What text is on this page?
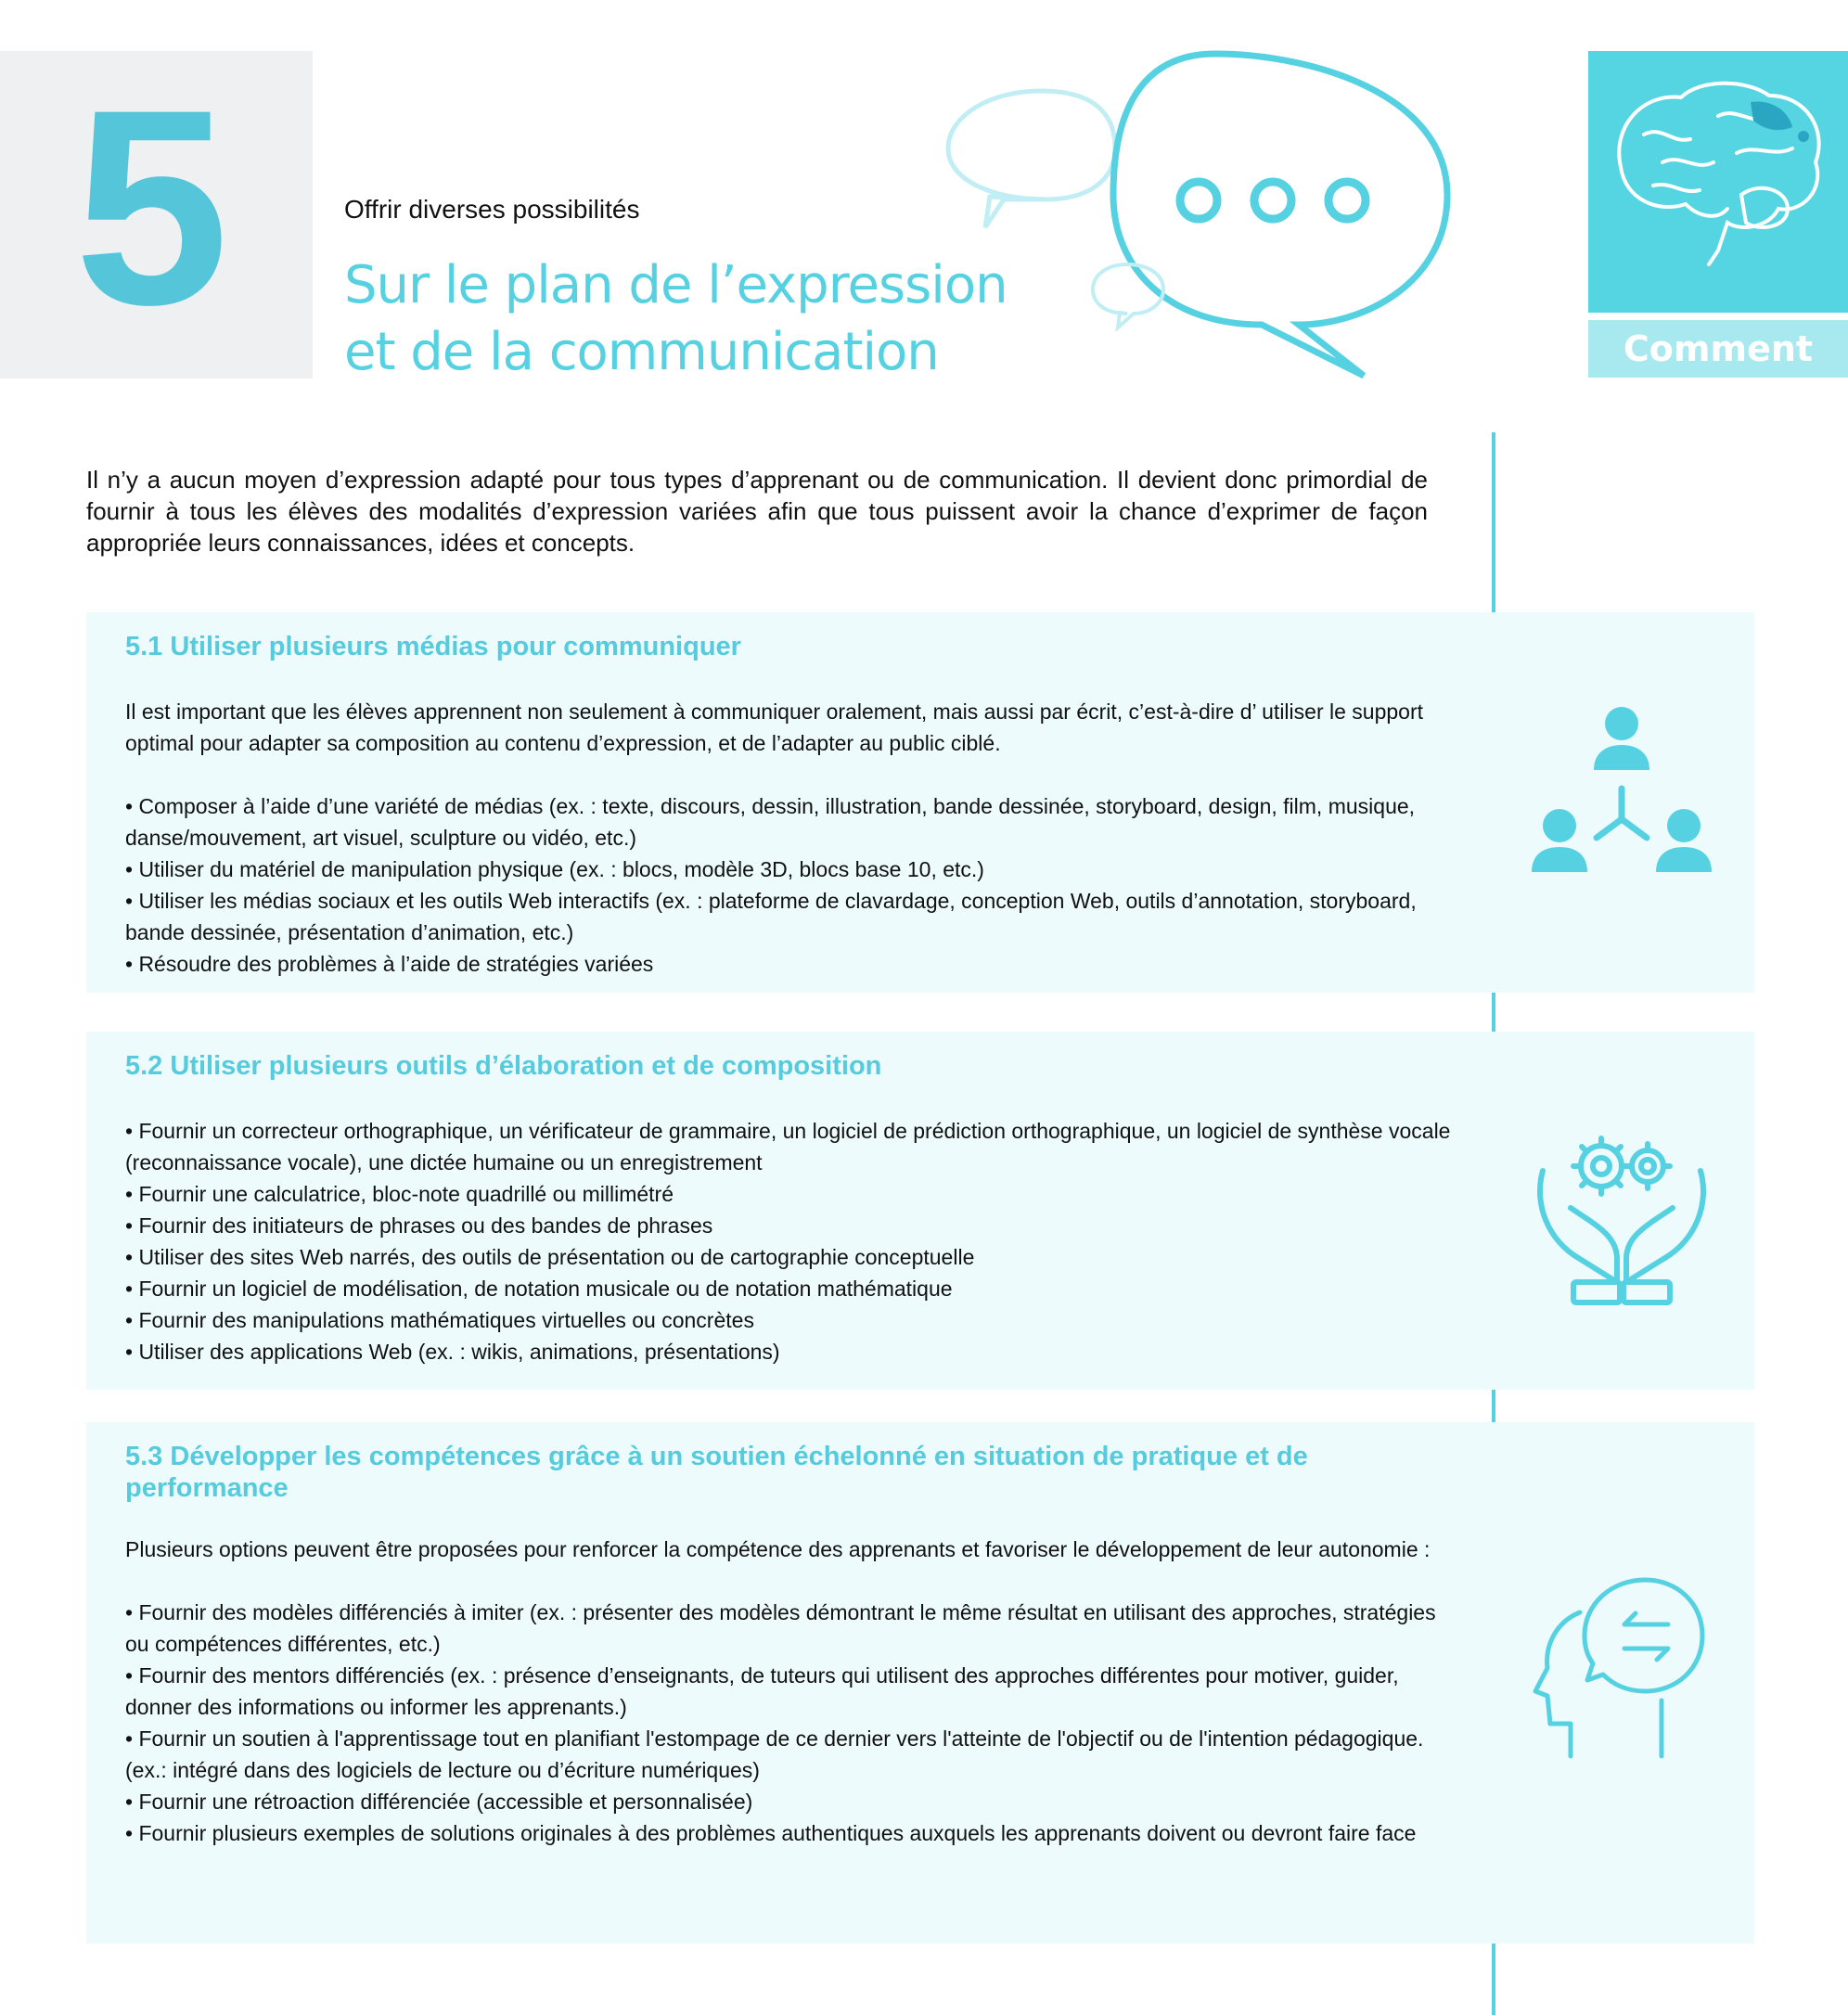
5	Offrir diverses possibilités
Sur le plan de l’expression
et de la communication	Comment
Il n’y a aucun moyen d’expression adapté pour tous types d’apprenant ou de communication. Il devient donc primordial de fournir à tous les élèves des modalités d’expression variées afin que tous puissent avoir la chance d’exprimer de façon appropriée leurs connaissances, idées et concepts.
5.1 Utiliser plusieurs médias pour communiquer

Il est important que les élèves apprennent non seulement à communiquer oralement, mais aussi par écrit, c’est-à-dire d’ utiliser le support optimal pour adapter sa composition au contenu d’expression, et de l’adapter au public ciblé.

• Composer à l’aide d’une variété de médias (ex. : texte, discours, dessin, illustration, bande dessinée, storyboard, design, film, musique, danse/mouvement, art visuel, sculpture ou vidéo, etc.)

• Utiliser du matériel de manipulation physique (ex. : blocs, modèle 3D, blocs base 10, etc.)

• Utiliser les médias sociaux et les outils Web interactifs (ex. : plateforme de clavardage, conception Web, outils d’annotation, storyboard, bande dessinée, présentation d’animation, etc.)

• Résoudre des problèmes à l’aide de stratégies variées

5.2 Utiliser plusieurs outils d’élaboration et de composition

• Fournir un correcteur orthographique, un vérificateur de grammaire, un logiciel de prédiction orthographique, un logiciel de synthèse vocale (reconnaissance vocale), une dictée humaine ou un enregistrement

• Fournir une calculatrice, bloc-note quadrillé ou millimétré

• Fournir des initiateurs de phrases ou des bandes de phrases

• Utiliser des sites Web narrés, des outils de présentation ou de cartographie conceptuelle

• Fournir un logiciel de modélisation, de notation musicale ou de notation mathématique

• Fournir des manipulations mathématiques virtuelles ou concrètes

• Utiliser des applications Web (ex. : wikis, animations, présentations)

5.3 Développer les compétences grâce à un soutien échelonné en situation de pratique et de performance

Plusieurs options peuvent être proposées pour renforcer la compétence des apprenants et favoriser le développement de leur autonomie :

• Fournir des modèles différenciés à imiter (ex. : présenter des modèles démontrant le même résultat en utilisant des approches, stratégies ou compétences différentes, etc.)

• Fournir des mentors différenciés (ex. : présence d’enseignants, de tuteurs qui utilisent des approches différentes pour motiver, guider, donner des informations ou informer les apprenants.)

• Fournir un soutien à l'apprentissage tout en planifiant l'estompage de ce dernier vers l'atteinte de l'objectif ou de l'intention pédagogique. (ex.: intégré dans des logiciels de lecture ou d’écriture numériques)

• Fournir une rétroaction différenciée (accessible et personnalisée)

• Fournir plusieurs exemples de solutions originales à des problèmes authentiques auxquels les apprenants doivent ou devront faire face
